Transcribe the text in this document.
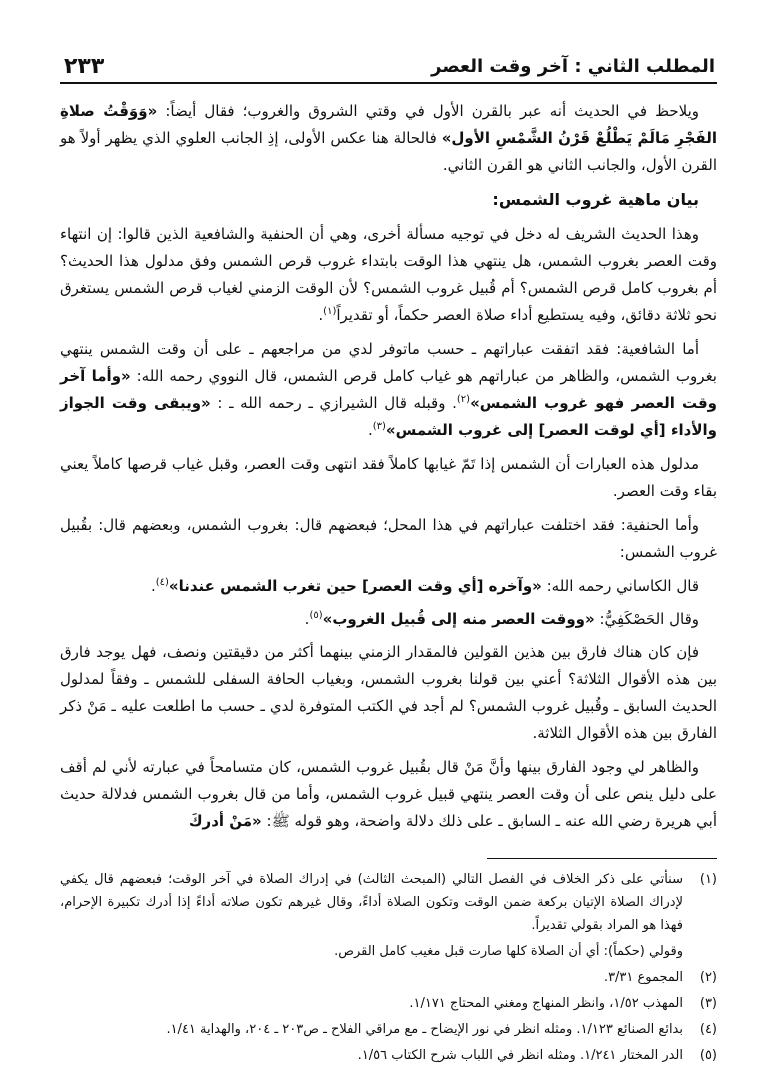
المطلب الثاني : آخر وقت العصر
٢٣٣

ويلاحظ في الحديث أنه عبر بالقرن الأول في وقتي الشروق والغروب؛ فقال أيضاً: «وَوَقْتُ صلاةِ الفَجْرِ مَالَمْ يَطْلُعْ قَرْنُ الشَّمْسِ الأول» فالحالة هنا عكس الأولى، إذِ الجانب العلوي الذي يظهر أولاً هو القرن الأول، والجانب الثاني هو القرن الثاني.

بيان ماهية غروب الشمس:

وهذا الحديث الشريف له دخل في توجيه مسألة أخرى، وهي أن الحنفية والشافعية الذين قالوا: إن انتهاء وقت العصر بغروب الشمس، هل ينتهي هذا الوقت بابتداء غروب قرص الشمس وفق مدلول هذا الحديث؟ أم بغروب كامل قرص الشمس؟ أم قُبيل غروب الشمس؟ لأن الوقت الزمني لغياب قرص الشمس يستغرق نحو ثلاثة دقائق، وفيه يستطيع أداء صلاة العصر حكماً، أو تقديراً$^{(١)}$.

أما الشافعية: فقد اتفقت عباراتهم ـ حسب ماتوفر لدي من مراجعهم ـ على أن وقت الشمس ينتهي بغروب الشمس، والظاهر من عباراتهم هو غياب كامل قرص الشمس، قال النووي رحمه الله: «وأما آخر وقت العصر فهو غروب الشمس»$^{(٢)}$. وقبله قال الشيرازي ـ رحمه الله ـ : «ويبقى وقت الجواز والأداء [أي لوقت العصر] إلى غروب الشمس»$^{(٣)}$.

مدلول هذه العبارات أن الشمس إذا تَمّ غيابها كاملاً فقد انتهى وقت العصر، وقبل غياب قرصها كاملاً يعني بقاء وقت العصر.

وأما الحنفية: فقد اختلفت عباراتهم في هذا المحل؛ فبعضهم قال: بغروب الشمس، وبعضهم قال: بقُبيل غروب الشمس:

قال الكاساني رحمه الله: «وآخره [أي وقت العصر] حين تغرب الشمس عندنا»$^{(٤)}$.

وقال الحَصْكَفِيُّ: «ووقت العصر منه إلى قُبيل الغروب»$^{(٥)}$.

فإن كان هناك فارق بين هذين القولين فالمقدار الزمني بينهما أكثر من دقيقتين ونصف، فهل يوجد فارق بين هذه الأقوال الثلاثة؟ أعني بين قولنا بغروب الشمس، وبغياب الحافة السفلى للشمس ـ وفقاً لمدلول الحديث السابق ـ وقُبيل غروب الشمس؟ لم أجد في الكتب المتوفرة لدي ـ حسب ما اطلعت عليه ـ مَنْ ذكر الفارق بين هذه الأقوال الثلاثة.

والظاهر لي وجود الفارق بينها وأنَّ مَنْ قال بقُبيل غروب الشمس، كان متسامحاً في عبارته لأني لم أقف على دليل ينص على أن وقت العصر ينتهي قبيل غروب الشمس، وأما من قال بغروب الشمس فدلالة حديث أبي هريرة رضي الله عنه ـ السابق ـ على ذلك دلالة واضحة، وهو قوله ﷺ: «مَنْ أدركَ

(١)
سنأتي على ذكر الخلاف في الفصل التالي (المبحث الثالث) في إدراك الصلاة في آخر الوقت؛ فبعضهم قال يكفي لإدراك الصلاة الإتيان بركعة ضمن الوقت وتكون الصلاة أداءً، وقال غيرهم تكون صلاته أداءً إذا أدرك تكبيرة الإحرام، فهذا هو المراد بقولي تقديراً.
وقولي (حكماً): أي أن الصلاة كلها صارت قبل مغيب كامل القرص.
(٢)
المجموع ٣/٣١.
(٣)
المهذب ١/٥٢، وانظر المنهاج ومغني المحتاج ١/١٧١.
(٤)
بدائع الصنائع ١/١٢٣. ومثله انظر في نور الإيضاح ـ مع مراقي الفلاح ـ ص٢٠٣ ـ ٢٠٤، والهداية ١/٤١.
(٥)
الدر المختار ١/٢٤١. ومثله انظر في اللباب شرح الكتاب ١/٥٦.
